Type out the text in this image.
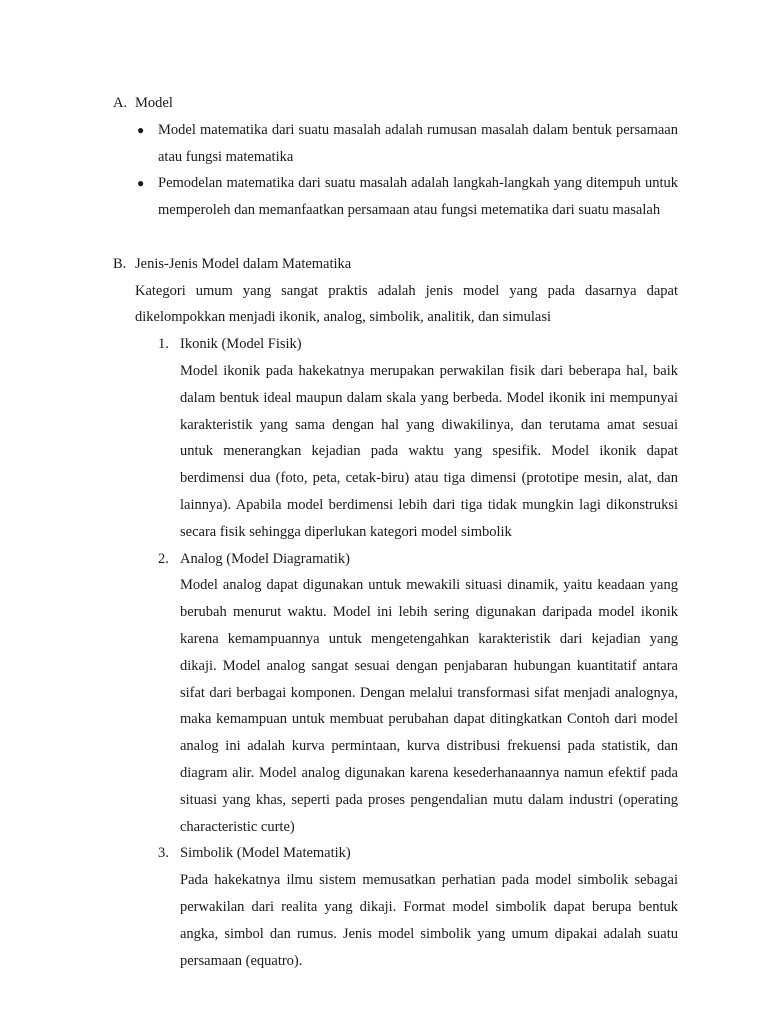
A. Model
● Model matematika dari suatu masalah adalah rumusan masalah dalam bentuk persamaan atau fungsi matematika
● Pemodelan matematika dari suatu masalah adalah langkah-langkah yang ditempuh untuk memperoleh dan memanfaatkan persamaan atau fungsi metematika dari suatu masalah
B. Jenis-Jenis Model dalam Matematika

Kategori umum yang sangat praktis adalah jenis model yang pada dasarnya dapat dikelompokkan menjadi ikonik, analog, simbolik, analitik, dan simulasi

1. Ikonik (Model Fisik)

Model ikonik pada hakekatnya merupakan perwakilan fisik dari beberapa hal, baik dalam bentuk ideal maupun dalam skala yang berbeda. Model ikonik ini mempunyai karakteristik yang sama dengan hal yang diwakilinya, dan terutama amat sesuai untuk menerangkan kejadian pada waktu yang spesifik. Model ikonik dapat berdimensi dua (foto, peta, cetak-biru) atau tiga dimensi (prototipe mesin, alat, dan lainnya). Apabila model berdimensi lebih dari tiga tidak mungkin lagi dikonstruksi secara fisik sehingga diperlukan kategori model simbolik

2. Analog (Model Diagramatik)

Model analog dapat digunakan untuk mewakili situasi dinamik, yaitu keadaan yang berubah menurut waktu. Model ini lebih sering digunakan daripada model ikonik karena kemampuannya untuk mengetengahkan karakteristik dari kejadian yang dikaji. Model analog sangat sesuai dengan penjabaran hubungan kuantitatif antara sifat dari berbagai komponen. Dengan melalui transformasi sifat menjadi analognya, maka kemampuan untuk membuat perubahan dapat ditingkatkan Contoh dari model analog ini adalah kurva permintaan, kurva distribusi frekuensi pada statistik, dan diagram alir. Model analog digunakan karena kesederhanaannya namun efektif pada situasi yang khas, seperti pada proses pengendalian mutu dalam industri (operating characteristic curte)

3. Simbolik (Model Matematik)

Pada hakekatnya ilmu sistem memusatkan perhatian pada model simbolik sebagai perwakilan dari realita yang dikaji. Format model simbolik dapat berupa bentuk angka, simbol dan rumus. Jenis model simbolik yang umum dipakai adalah suatu persamaan (equatro).
